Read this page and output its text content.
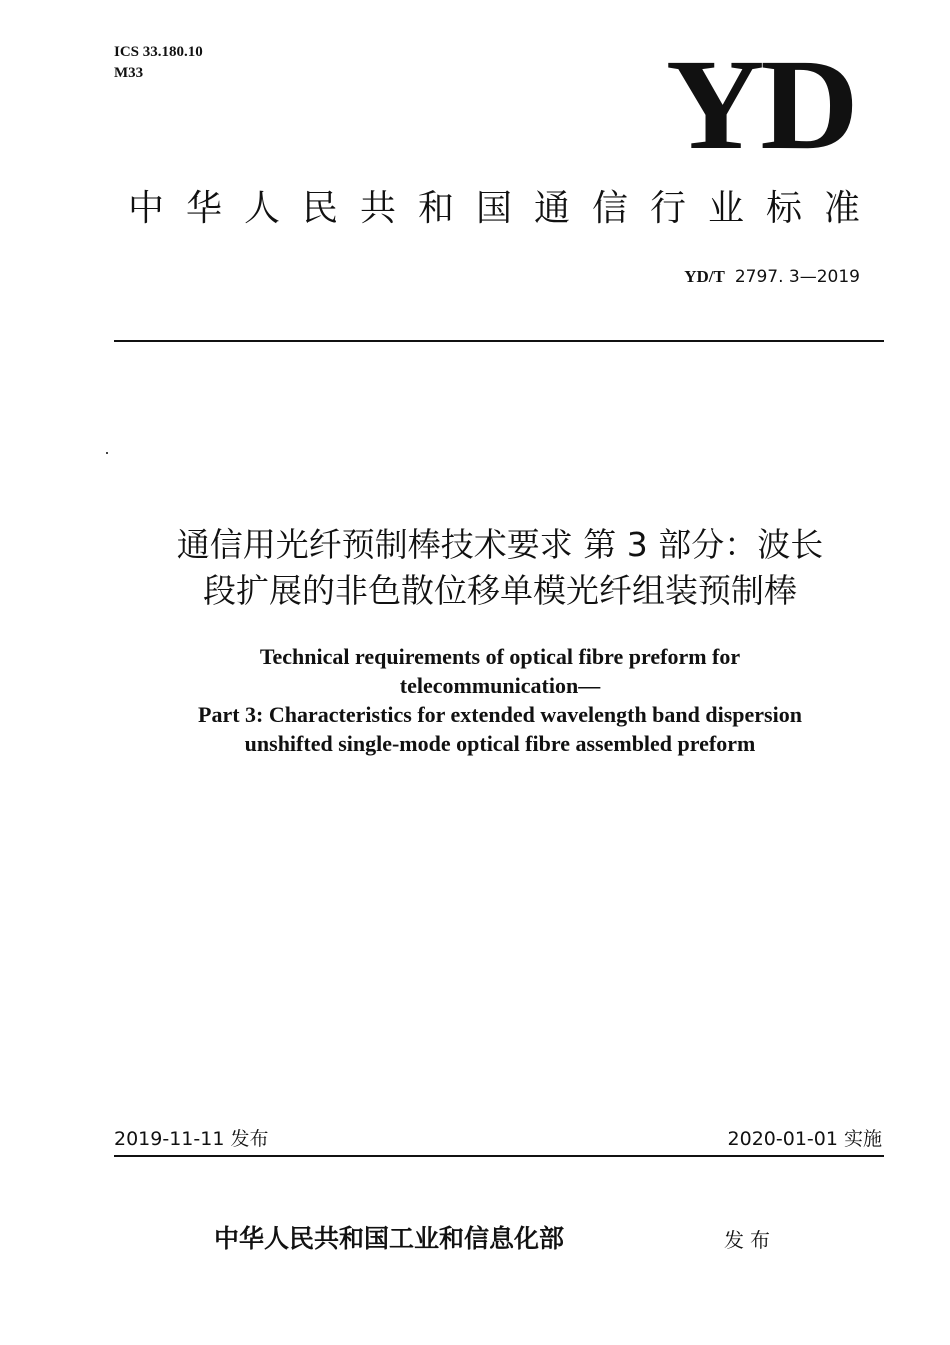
ICS 33.180.10
M33	YD
中华人民共和国通信行业标准
YD/T 2797. 3—2019
通信用光纤预制棒技术要求 第 3 部分：波长
段扩展的非色散位移单模光纤组装预制棒
Technical requirements of optical fibre preform for
telecommunication—
Part 3: Characteristics for extended wavelength band dispersion
unshifted single-mode optical fibre assembled preform
2019-11-11 发布	2020-01-01 实施
中华人民共和国工业和信息化部	发布
